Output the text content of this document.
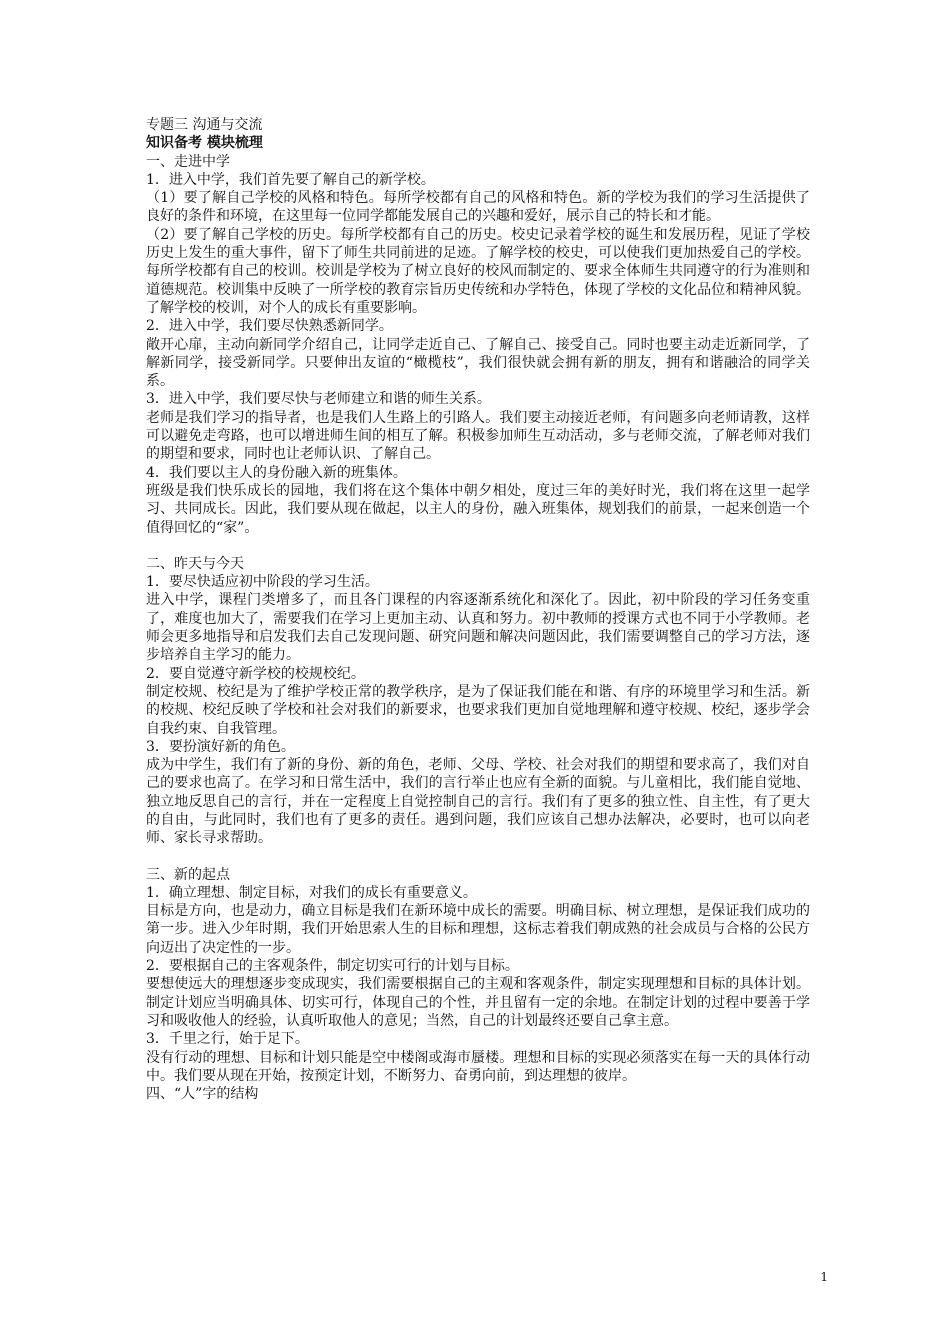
专题三 沟通与交流

知识备考 模块梳理

一、走进中学

1．进入中学，我们首先要了解自己的新学校。

（1）要了解自己学校的风格和特色。每所学校都有自己的风格和特色。新的学校为我们的学习生活提供了良好的条件和环境，在这里每一位同学都能发展自己的兴趣和爱好，展示自己的特长和才能。

（2）要了解自己学校的历史。每所学校都有自己的历史。校史记录着学校的诞生和发展历程，见证了学校历史上发生的重大事件，留下了师生共同前进的足迹。了解学校的校史，可以使我们更加热爱自己的学校。每所学校都有自己的校训。校训是学校为了树立良好的校风而制定的、要求全体师生共同遵守的行为准则和道德规范。校训集中反映了一所学校的教育宗旨历史传统和办学特色，体现了学校的文化品位和精神风貌。了解学校的校训，对个人的成长有重要影响。

2．进入中学，我们要尽快熟悉新同学。

敞开心扉，主动向新同学介绍自己，让同学走近自己、了解自己、接受自己。同时也要主动走近新同学，了解新同学，接受新同学。只要伸出友谊的“橄榄枝”，我们很快就会拥有新的朋友，拥有和谐融洽的同学关系。

3．进入中学，我们要尽快与老师建立和谐的师生关系。

老师是我们学习的指导者，也是我们人生路上的引路人。我们要主动接近老师，有问题多向老师请教，这样可以避免走弯路，也可以增进师生间的相互了解。积极参加师生互动活动，多与老师交流，了解老师对我们的期望和要求，同时也让老师认识、了解自己。

4．我们要以主人的身份融入新的班集体。

班级是我们快乐成长的园地，我们将在这个集体中朝夕相处，度过三年的美好时光，我们将在这里一起学习、共同成长。因此，我们要从现在做起，以主人的身份，融入班集体，规划我们的前景，一起来创造一个值得回忆的“家”。

二、昨天与今天

1．要尽快适应初中阶段的学习生活。

进入中学，课程门类增多了，而且各门课程的内容逐渐系统化和深化了。因此，初中阶段的学习任务变重了，难度也加大了，需要我们在学习上更加主动、认真和努力。初中教师的授课方式也不同于小学教师。老师会更多地指导和启发我们去自己发现问题、研究问题和解决问题因此，我们需要调整自己的学习方法，逐步培养自主学习的能力。

2．要自觉遵守新学校的校规校纪。

制定校规、校纪是为了维护学校正常的教学秩序，是为了保证我们能在和谐、有序的环境里学习和生活。新的校规、校纪反映了学校和社会对我们的新要求，也要求我们更加自觉地理解和遵守校规、校纪，逐步学会自我约束、自我管理。

3．要扮演好新的角色。

成为中学生，我们有了新的身份、新的角色，老师、父母、学校、社会对我们的期望和要求高了，我们对自己的要求也高了。在学习和日常生活中，我们的言行举止也应有全新的面貌。与儿童相比，我们能自觉地、独立地反思自己的言行，并在一定程度上自觉控制自己的言行。我们有了更多的独立性、自主性，有了更大的自由，与此同时，我们也有了更多的责任。遇到问题，我们应该自己想办法解决，必要时，也可以向老师、家长寻求帮助。

三、新的起点

1．确立理想、制定目标，对我们的成长有重要意义。

目标是方向，也是动力，确立目标是我们在新环境中成长的需要。明确目标、树立理想，是保证我们成功的第一步。进入少年时期，我们开始思索人生的目标和理想，这标志着我们朝成熟的社会成员与合格的公民方向迈出了决定性的一步。

2．要根据自己的主客观条件，制定切实可行的计划与目标。

要想使远大的理想逐步变成现实，我们需要根据自己的主观和客观条件，制定实现理想和目标的具体计划。制定计划应当明确具体、切实可行，体现自己的个性，并且留有一定的余地。在制定计划的过程中要善于学习和吸收他人的经验，认真听取他人的意见；当然，自己的计划最终还要自己拿主意。

3．千里之行，始于足下。

没有行动的理想、目标和计划只能是空中楼阁或海市蜃楼。理想和目标的实现必须落实在每一天的具体行动中。我们要从现在开始，按预定计划，不断努力、奋勇向前，到达理想的彼岸。

四、“人”字的结构

1
